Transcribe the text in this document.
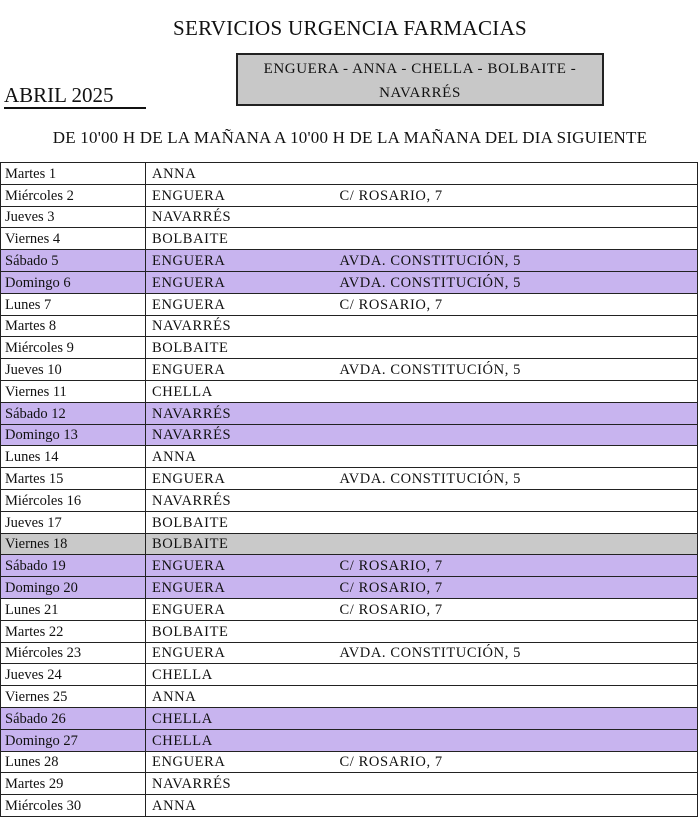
SERVICIOS URGENCIA FARMACIAS
ABRIL 2025
ENGUERA - ANNA - CHELLA - BOLBAITE -
NAVARRÉS
DE 10'00 H DE LA MAÑANA A 10'00 H DE LA MAÑANA DEL DIA SIGUIENTE
Martes 1	ANNA	
Miércoles 2	ENGUERA	C/ ROSARIO, 7
Jueves 3	NAVARRÉS	
Viernes 4	BOLBAITE	
Sábado 5	ENGUERA	AVDA. CONSTITUCIÓN, 5
Domingo 6	ENGUERA	AVDA. CONSTITUCIÓN, 5
Lunes 7	ENGUERA	C/ ROSARIO, 7
Martes 8	NAVARRÉS	
Miércoles 9	BOLBAITE	
Jueves 10	ENGUERA	AVDA. CONSTITUCIÓN, 5
Viernes 11	CHELLA	
Sábado 12	NAVARRÉS	
Domingo 13	NAVARRÉS	
Lunes 14	ANNA	
Martes 15	ENGUERA	AVDA. CONSTITUCIÓN, 5
Miércoles 16	NAVARRÉS	
Jueves 17	BOLBAITE	
Viernes 18	BOLBAITE	
Sábado 19	ENGUERA	C/ ROSARIO, 7
Domingo 20	ENGUERA	C/ ROSARIO, 7
Lunes 21	ENGUERA	C/ ROSARIO, 7
Martes 22	BOLBAITE	
Miércoles 23	ENGUERA	AVDA. CONSTITUCIÓN, 5
Jueves 24	CHELLA	
Viernes 25	ANNA	
Sábado 26	CHELLA	
Domingo 27	CHELLA	
Lunes 28	ENGUERA	C/ ROSARIO, 7
Martes 29	NAVARRÉS	
Miércoles 30	ANNA	
